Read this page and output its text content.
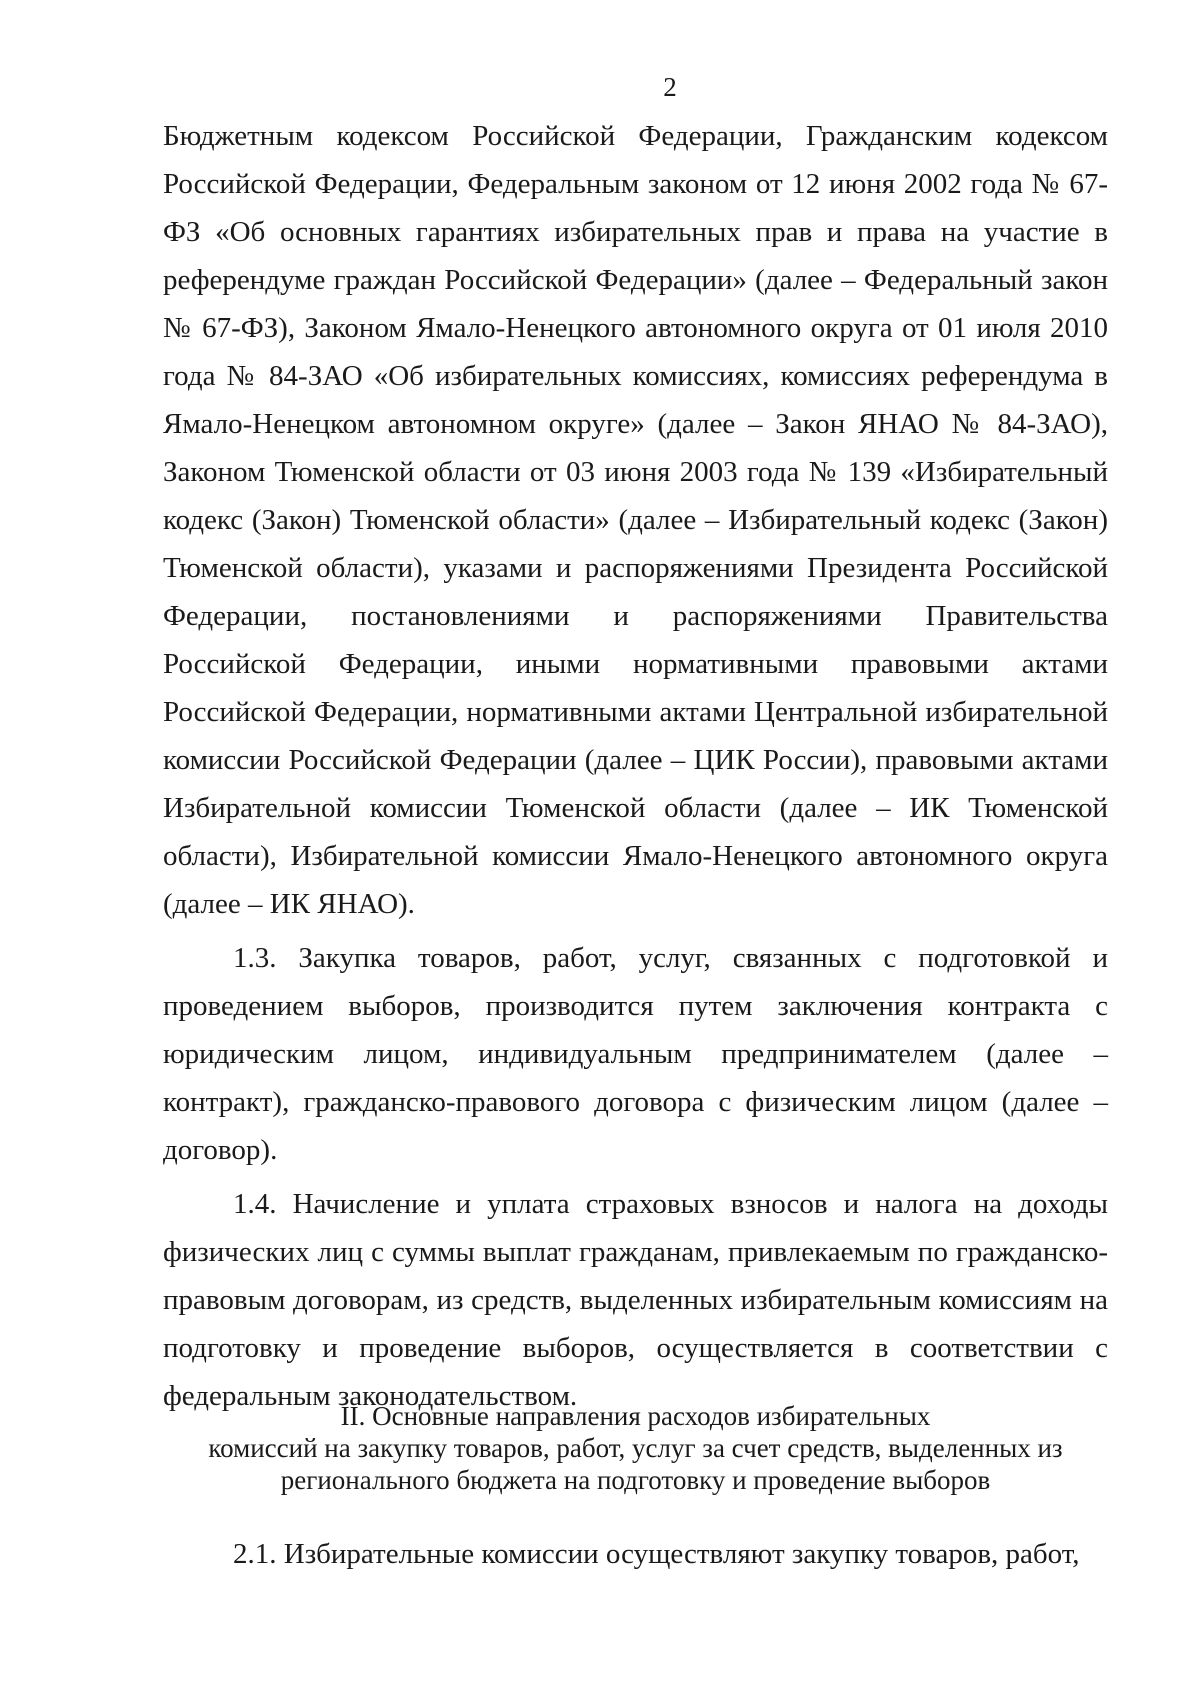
2

Бюджетным кодексом Российской Федерации, Гражданским кодексом Российской Федерации, Федеральным законом от 12 июня 2002 года № 67-ФЗ «Об основных гарантиях избирательных прав и права на участие в референдуме граждан Российской Федерации» (далее – Федеральный закон № 67-ФЗ), Законом Ямало-Ненецкого автономного округа от 01 июля 2010 года № 84-ЗАО «Об избирательных комиссиях, комиссиях референдума в Ямало-Ненецком автономном округе» (далее – Закон ЯНАО № 84-ЗАО), Законом Тюменской области от 03 июня 2003 года № 139 «Избирательный кодекс (Закон) Тюменской области» (далее – Избирательный кодекс (Закон) Тюменской области), указами и распоряжениями Президента Российской Федерации, постановлениями и распоряжениями Правительства Российской Федерации, иными нормативными правовыми актами Российской Федерации, нормативными актами Центральной избирательной комиссии Российской Федерации (далее – ЦИК России), правовыми актами Избирательной комиссии Тюменской области (далее – ИК Тюменской области), Избирательной комиссии Ямало-Ненецкого автономного округа (далее – ИК ЯНАО).

1.3. Закупка товаров, работ, услуг, связанных с подготовкой и проведением выборов, производится путем заключения контракта с юридическим лицом, индивидуальным предпринимателем (далее – контракт), гражданско-правового договора с физическим лицом (далее – договор).

1.4. Начисление и уплата страховых взносов и налога на доходы физических лиц с суммы выплат гражданам, привлекаемым по гражданско-правовым договорам, из средств, выделенных избирательным комиссиям на подготовку и проведение выборов, осуществляется в соответствии с федеральным законодательством.

II. Основные направления расходов избирательных
комиссий на закупку товаров, работ, услуг за счет средств, выделенных из
регионального бюджета на подготовку и проведение выборов
2.1. Избирательные комиссии осуществляют закупку товаров, работ,
